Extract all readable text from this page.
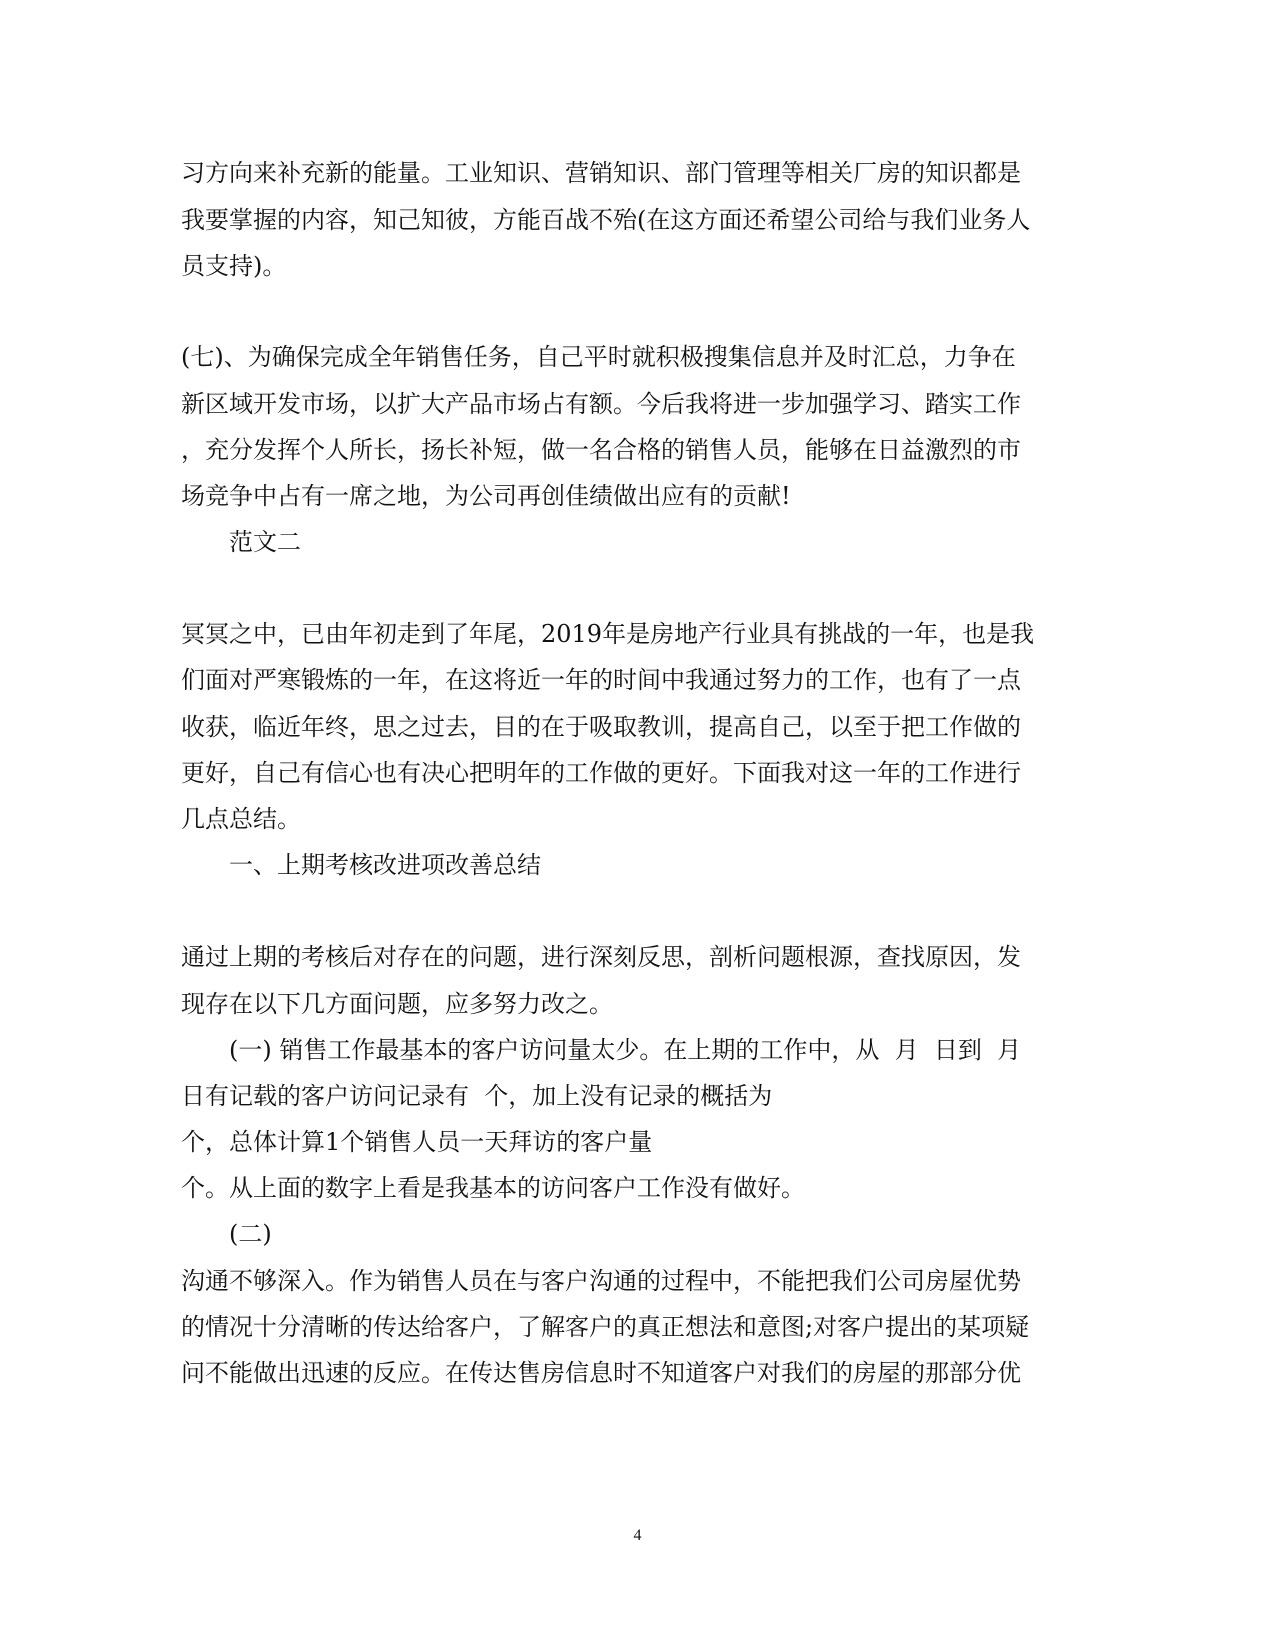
习方向来补充新的能量。工业知识、营销知识、部门管理等相关厂房的知识都是
我要掌握的内容，知己知彼，方能百战不殆(在这方面还希望公司给与我们业务人
员支持)。
(七)、为确保完成全年销售任务，自己平时就积极搜集信息并及时汇总，力争在
新区域开发市场，以扩大产品市场占有额。今后我将进一步加强学习、踏实工作
，充分发挥个人所长，扬长补短，做一名合格的销售人员，能够在日益激烈的市
场竞争中占有一席之地，为公司再创佳绩做出应有的贡献!
范文二
冥冥之中，已由年初走到了年尾，2019年是房地产行业具有挑战的一年，也是我
们面对严寒锻炼的一年，在这将近一年的时间中我通过努力的工作，也有了一点
收获，临近年终，思之过去，目的在于吸取教训，提高自己，以至于把工作做的
更好，自己有信心也有决心把明年的工作做的更好。下面我对这一年的工作进行
几点总结。
一、上期考核改进项改善总结
通过上期的考核后对存在的问题，进行深刻反思，剖析问题根源，查找原因，发
现存在以下几方面问题，应多努力改之。
(一) 销售工作最基本的客户访问量太少。在上期的工作中，从  月  日到  月
日有记载的客户访问记录有  个，加上没有记录的概括为
个，总体计算1个销售人员一天拜访的客户量
个。从上面的数字上看是我基本的访问客户工作没有做好。
(二)
沟通不够深入。作为销售人员在与客户沟通的过程中，不能把我们公司房屋优势
的情况十分清晰的传达给客户，了解客户的真正想法和意图;对客户提出的某项疑
问不能做出迅速的反应。在传达售房信息时不知道客户对我们的房屋的那部分优
4
